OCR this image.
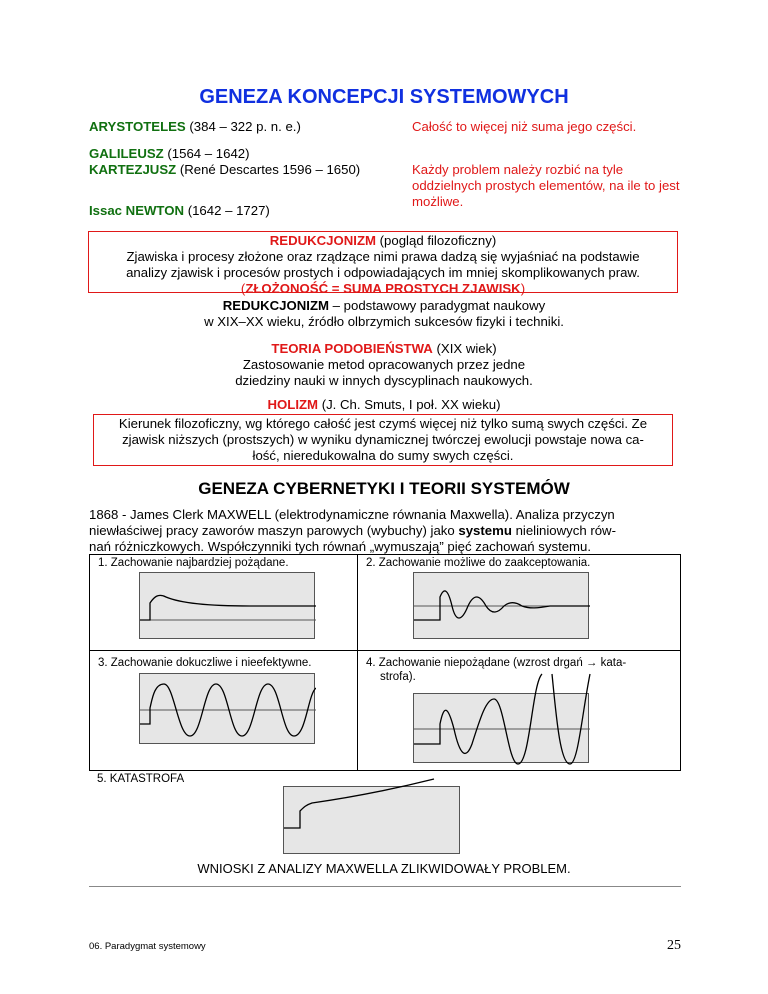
GENEZA KONCEPCJI SYSTEMOWYCH
ARYSTOTELES (384 – 322 p. n. e.)	Całość to więcej niż suma jego części.
GALILEUSZ (1564 – 1642)
KARTEZJUSZ (René Descartes 1596 – 1650)	Każdy problem należy rozbić na tyle oddzielnych prostych elementów, na ile to jest możliwe.
Issac NEWTON (1642 – 1727)
REDUKCJONIZM (pogląd filozoficzny)
Zjawiska i procesy złożone oraz rządzące nimi prawa dadzą się wyjaśniać na podstawie
analizy zjawisk i procesów prostych i odpowiadających im mniej skomplikowanych praw.
(ZŁOŻONOŚĆ = SUMA PROSTYCH ZJAWISK)
REDUKCJONIZM – podstawowy paradygmat naukowy
w XIX–XX wieku, źródło olbrzymich sukcesów fizyki i techniki.
TEORIA PODOBIEŃSTWA (XIX wiek)
Zastosowanie metod opracowanych przez jedne
dziedziny nauki w innych dyscyplinach naukowych.
HOLIZM (J. Ch. Smuts, I poł. XX wieku)
Kierunek filozoficzny, wg którego całość jest czymś więcej niż tylko sumą swych części. Ze
zjawisk niższych (prostszych) w wyniku dynamicznej twórczej ewolucji powstaje nowa ca-
łość, nieredukowalna do sumy swych części.
GENEZA CYBERNETYKI I TEORII SYSTEMÓW
1868 - James Clerk MAXWELL (elektrodynamiczne równania Maxwella). Analiza przyczyn
niewłaściwej pracy zaworów maszyn parowych (wybuchy) jako systemu nieliniowych rów-
nań różniczkowych. Współczynniki tych równań „wymuszają” pięć zachowań systemu.
1. Zachowanie najbardziej pożądane.	2. Zachowanie możliwe do zaakceptowania.
3. Zachowanie dokuczliwe i nieefektywne.	4. Zachowanie niepożądane (wzrost drgań → kata-
strofa).
5. KATASTROFA
WNIOSKI Z ANALIZY MAXWELLA ZLIKWIDOWAŁY PROBLEM.
06. Paradygmat systemowy	25
